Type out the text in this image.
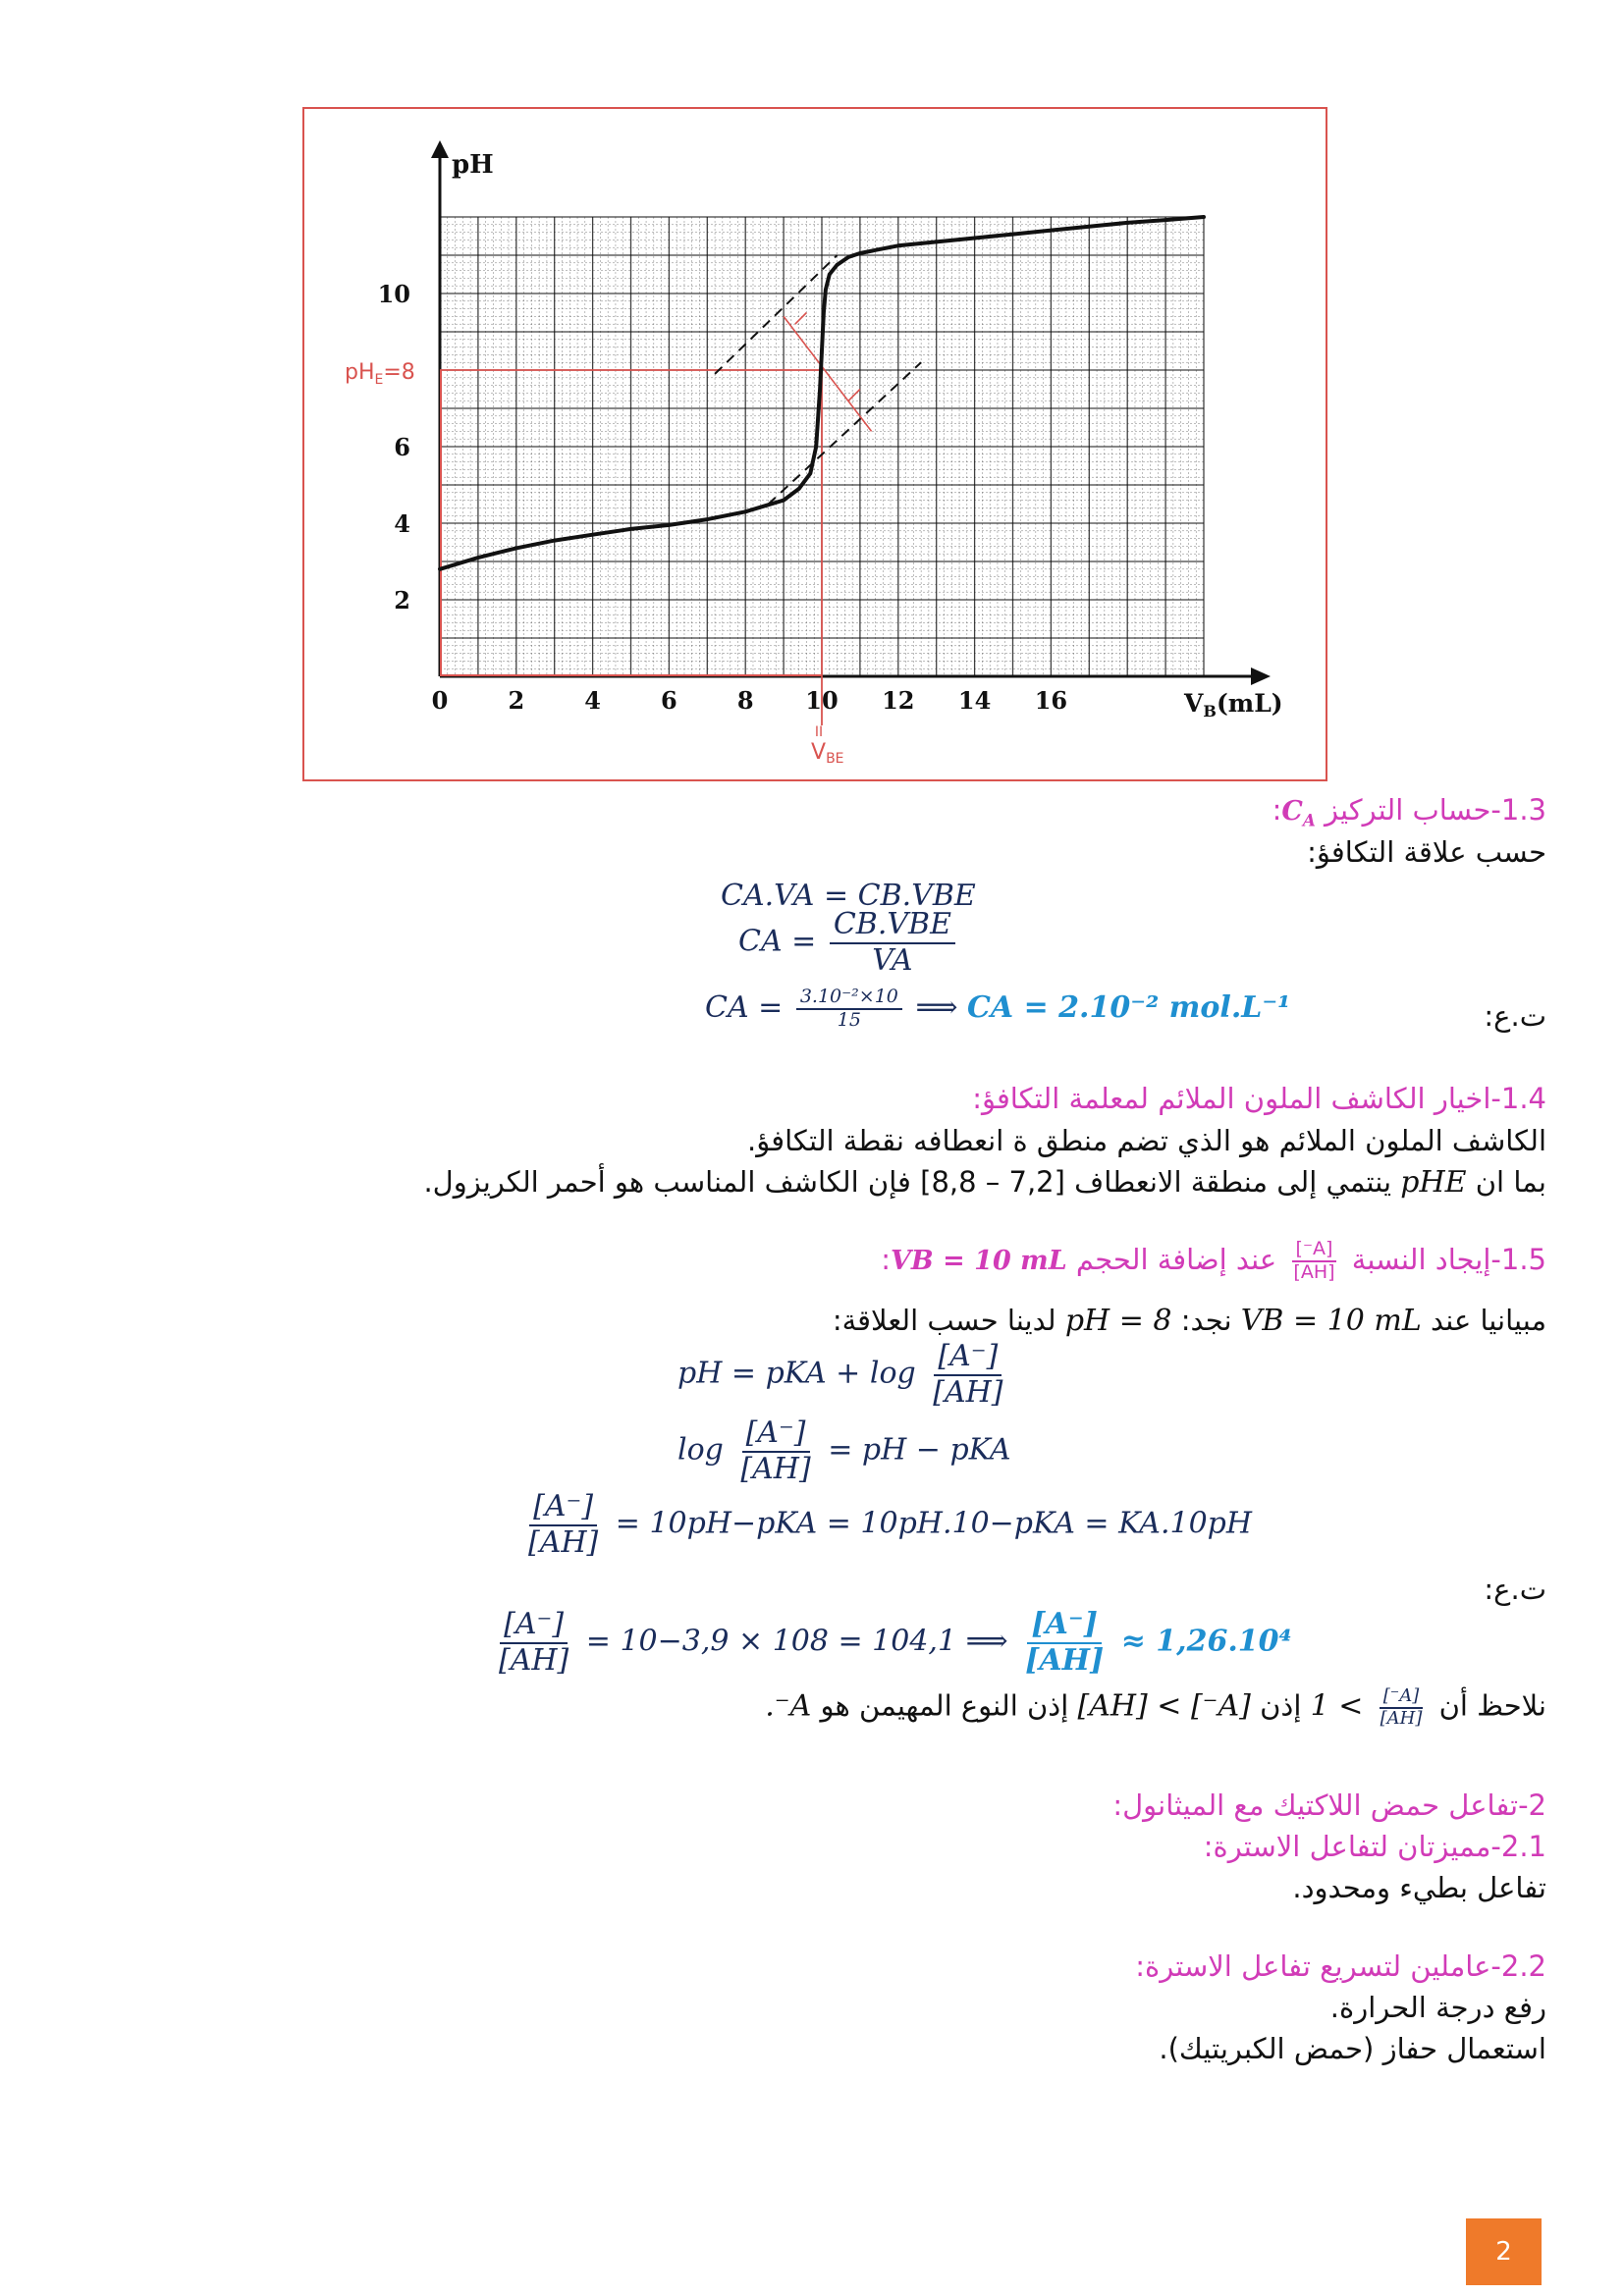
0	2	4	6	8 10 12 14 16
2
4
6
10
pH
$V_B(mL)$
$pH_E=8$
II
VBE
1.3-حساب التركيز $C_A$:
حسب علاقة التكافؤ:
CA.VA = CB.VBE
CA = $\frac{\text{CB.VBE}}{VA}$
CA = $\frac{\text{3.10⁻²×10}}{15}$ ⟹ CA = 2.10⁻² mol.L⁻¹	ت.ع:
1.4-اخيار الكاشف الملون الملائم لمعلمة التكافؤ:
الكاشف الملون الملائم هو الذي تضم منطق ة انعطافه نقطة التكافؤ.
بما ان pHE ينتمي إلى منطقة الانعطاف [7,2 – 8,8] فإن الكاشف المناسب هو أحمر الكريزول.
1.5-إيجاد النسبة
$\frac{[A^-]}{[AH]}$
عند إضافة الحجم VB = 10 mL:
مبيانيا عند VB = 10 mL نجد: pH = 8 لدينا حسب العلاقة:
pH = pKA + $\log \frac{[A^-]}{[AH]}$
$\log \frac{[A^-]}{[AH]}$ = pH − pKA
$\frac{[A^-]}{[AH]} = 10pH-pKA = 10pH.10-pKA = KA.10pH$
ت.ع:
$\frac{[A^-]}{[AH]} = 10-3,9 \times 108 = 104,1$ ⟹ $\frac{[A^-]}{[AH]} \approx 1,26.10^4$
نلاحظ أن
$\frac{[A^-]}{[AH]}$
> 1 إذن [A⁻] > [AH] إذن النوع المهيمن هو A⁻.
2-تفاعل حمض اللاكتيك مع الميثانول:
2.1-مميزتان لتفاعل الاسترة:
تفاعل بطيء ومحدود.
2.2-عاملين لتسريع تفاعل الاسترة:
رفع درجة الحرارة.
استعمال حفاز (حمض الكبريتيك).
2
